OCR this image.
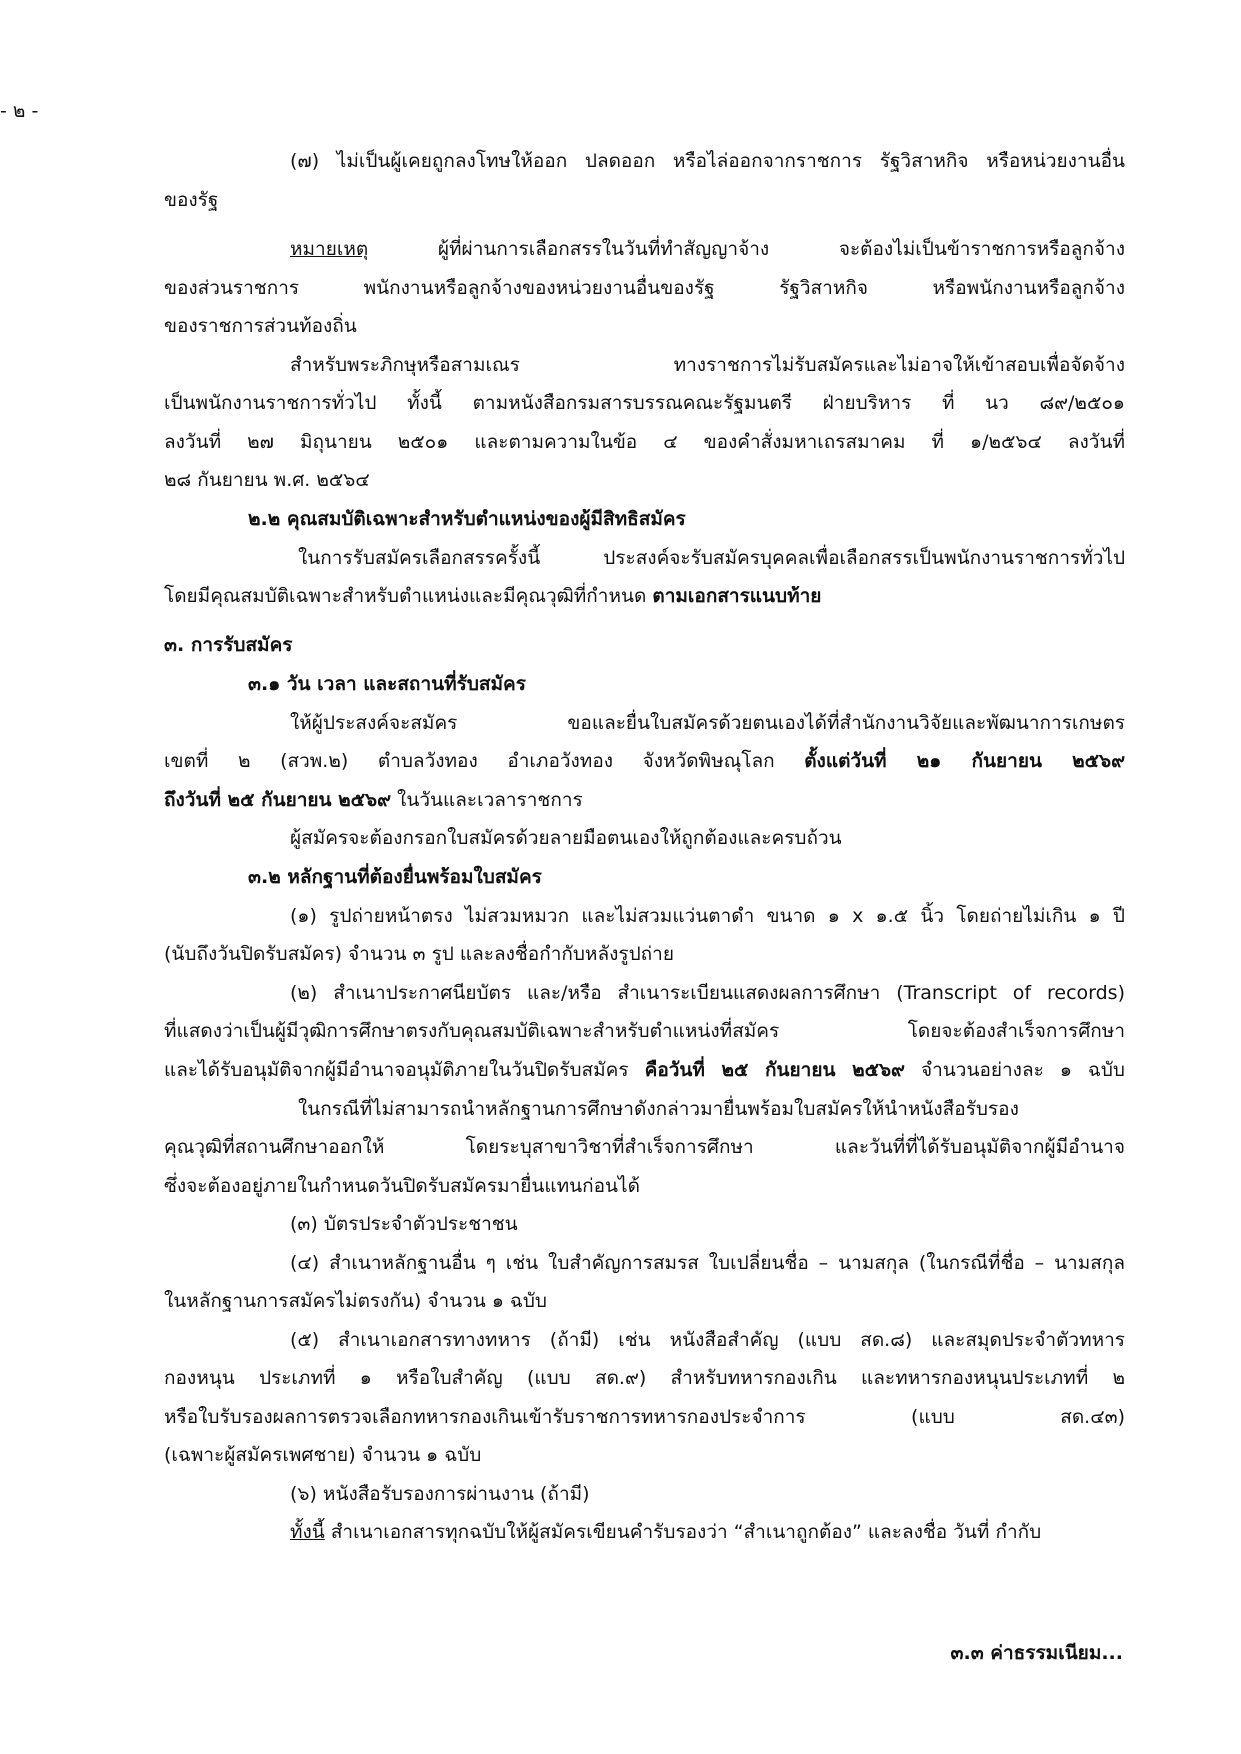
- ๒ -
(๗) ไม่เป็นผู้เคยถูกลงโทษให้ออก ปลดออก หรือไล่ออกจากราชการ รัฐวิสาหกิจ หรือหน่วยงานอื่น
ของรัฐ
หมายเหตุ ผู้ที่ผ่านการเลือกสรรในวันที่ทำสัญญาจ้าง จะต้องไม่เป็นข้าราชการหรือลูกจ้าง
ของส่วนราชการ พนักงานหรือลูกจ้างของหน่วยงานอื่นของรัฐ รัฐวิสาหกิจ หรือพนักงานหรือลูกจ้าง
ของราชการส่วนท้องถิ่น
สำหรับพระภิกษุหรือสามเณร ทางราชการไม่รับสมัครและไม่อาจให้เข้าสอบเพื่อจัดจ้าง
เป็นพนักงานราชการทั่วไป ทั้งนี้ ตามหนังสือกรมสารบรรณคณะรัฐมนตรี ฝ่ายบริหาร ที่ นว ๘๙/๒๕๐๑
ลงวันที่ ๒๗ มิถุนายน ๒๕๐๑ และตามความในข้อ ๔ ของคำสั่งมหาเถรสมาคม ที่ ๑/๒๕๖๔ ลงวันที่
๒๘ กันยายน พ.ศ. ๒๕๖๔
๒.๒ คุณสมบัติเฉพาะสำหรับตำแหน่งของผู้มีสิทธิสมัคร
ในการรับสมัครเลือกสรรครั้งนี้ ประสงค์จะรับสมัครบุคคลเพื่อเลือกสรรเป็นพนักงานราชการทั่วไป
โดยมีคุณสมบัติเฉพาะสำหรับตำแหน่งและมีคุณวุฒิที่กำหนด ตามเอกสารแนบท้าย
๓. การรับสมัคร
๓.๑ วัน เวลา และสถานที่รับสมัคร
ให้ผู้ประสงค์จะสมัคร ขอและยื่นใบสมัครด้วยตนเองได้ที่สำนักงานวิจัยและพัฒนาการเกษตร
เขตที่ ๒ (สวพ.๒) ตำบลวังทอง อำเภอวังทอง จังหวัดพิษณุโลก ตั้งแต่วันที่ ๒๑ กันยายน ๒๕๖๙
ถึงวันที่ ๒๕ กันยายน ๒๕๖๙ ในวันและเวลาราชการ
ผู้สมัครจะต้องกรอกใบสมัครด้วยลายมือตนเองให้ถูกต้องและครบถ้วน
๓.๒ หลักฐานที่ต้องยื่นพร้อมใบสมัคร
(๑) รูปถ่ายหน้าตรง ไม่สวมหมวก และไม่สวมแว่นตาดำ ขนาด ๑ x ๑.๕ นิ้ว โดยถ่ายไม่เกิน ๑ ปี
(นับถึงวันปิดรับสมัคร) จำนวน ๓ รูป และลงชื่อกำกับหลังรูปถ่าย
(๒) สำเนาประกาศนียบัตร และ/หรือ สำเนาระเบียนแสดงผลการศึกษา (Transcript of records)
ที่แสดงว่าเป็นผู้มีวุฒิการศึกษาตรงกับคุณสมบัติเฉพาะสำหรับตำแหน่งที่สมัคร โดยจะต้องสำเร็จการศึกษา
และได้รับอนุมัติจากผู้มีอำนาจอนุมัติภายในวันปิดรับสมัคร คือวันที่ ๒๕ กันยายน ๒๕๖๙ จำนวนอย่างละ ๑ ฉบับ
ในกรณีที่ไม่สามารถนำหลักฐานการศึกษาดังกล่าวมายื่นพร้อมใบสมัครให้นำหนังสือรับรอง
คุณวุฒิที่สถานศึกษาออกให้ โดยระบุสาขาวิชาที่สำเร็จการศึกษา และวันที่ที่ได้รับอนุมัติจากผู้มีอำนาจ
ซึ่งจะต้องอยู่ภายในกำหนดวันปิดรับสมัครมายื่นแทนก่อนได้
(๓) บัตรประจำตัวประชาชน
(๔) สำเนาหลักฐานอื่น ๆ เช่น ใบสำคัญการสมรส ใบเปลี่ยนชื่อ – นามสกุล (ในกรณีที่ชื่อ – นามสกุล
ในหลักฐานการสมัครไม่ตรงกัน) จำนวน ๑ ฉบับ
(๕) สำเนาเอกสารทางทหาร (ถ้ามี) เช่น หนังสือสำคัญ (แบบ สด.๘) และสมุดประจำตัวทหาร
กองหนุน ประเภทที่ ๑ หรือใบสำคัญ (แบบ สด.๙) สำหรับทหารกองเกิน และทหารกองหนุนประเภทที่ ๒
หรือใบรับรองผลการตรวจเลือกทหารกองเกินเข้ารับราชการทหารกองประจำการ (แบบ สด.๔๓)
(เฉพาะผู้สมัครเพศชาย) จำนวน ๑ ฉบับ
(๖) หนังสือรับรองการผ่านงาน (ถ้ามี)
ทั้งนี้ สำเนาเอกสารทุกฉบับให้ผู้สมัครเขียนคำรับรองว่า “สำเนาถูกต้อง” และลงชื่อ วันที่ กำกับ
๓.๓ ค่าธรรมเนียม...
